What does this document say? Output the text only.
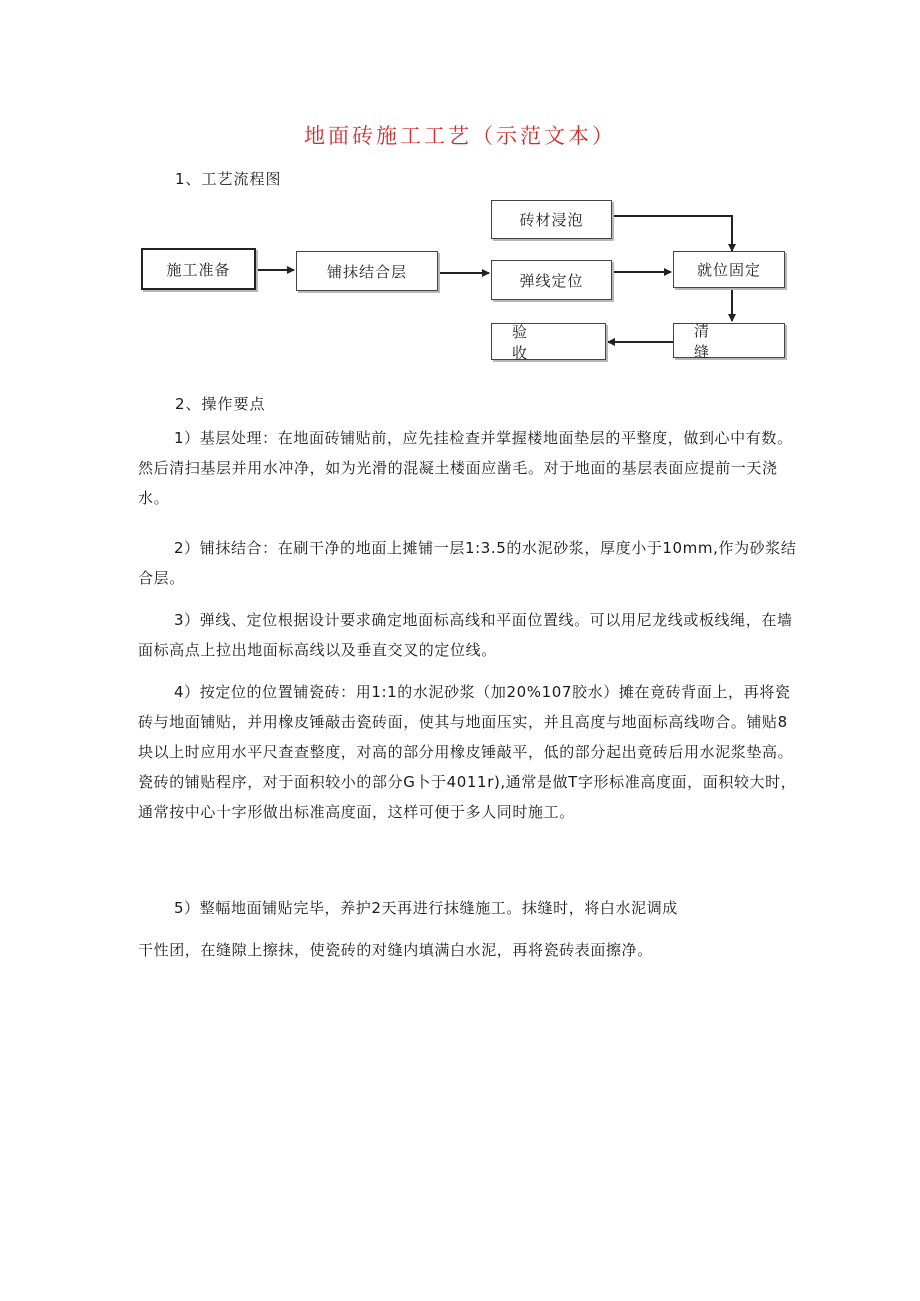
地面砖施工工艺（示范文本）
1、工艺流程图
施工准备	铺抹结合层
砖材浸泡
弹线定位
就位固定
验 收
清 缝
2、操作要点

1）基层处理：在地面砖铺贴前，应先挂检查并掌握楼地面垫层的平整度，做到心中有数。然后清扫基层并用水冲净，如为光滑的混凝土楼面应凿毛。对于地面的基层表面应提前一天浇水。

2）铺抹结合：在刷干净的地面上摊铺一层1:3.5的水泥砂浆，厚度小于10mm,作为砂浆结合层。

3）弹线、定位根据设计要求确定地面标高线和平面位置线。可以用尼龙线或板线绳，在墙面标高点上拉出地面标高线以及垂直交叉的定位线。

4）按定位的位置铺瓷砖：用1:1的水泥砂浆（加20%107胶水）摊在竟砖背面上，再将瓷砖与地面铺贴，并用橡皮锤敲击瓷砖面，使其与地面压实，并且高度与地面标高线吻合。铺贴8块以上时应用水平尺查查整度，对高的部分用橡皮锤敲平，低的部分起出竟砖后用水泥浆垫高。瓷砖的铺贴程序，对于面积较小的部分G卜于4011r),通常是做T字形标准高度面，面积较大时，通常按中心十字形做出标准高度面，这样可便于多人同时施工。

5）整幅地面铺贴完毕，养护2天再进行抹缝施工。抹缝时，将白水泥调成

干性团，在缝隙上擦抹，使瓷砖的对缝内填满白水泥，再将瓷砖表面擦净。
